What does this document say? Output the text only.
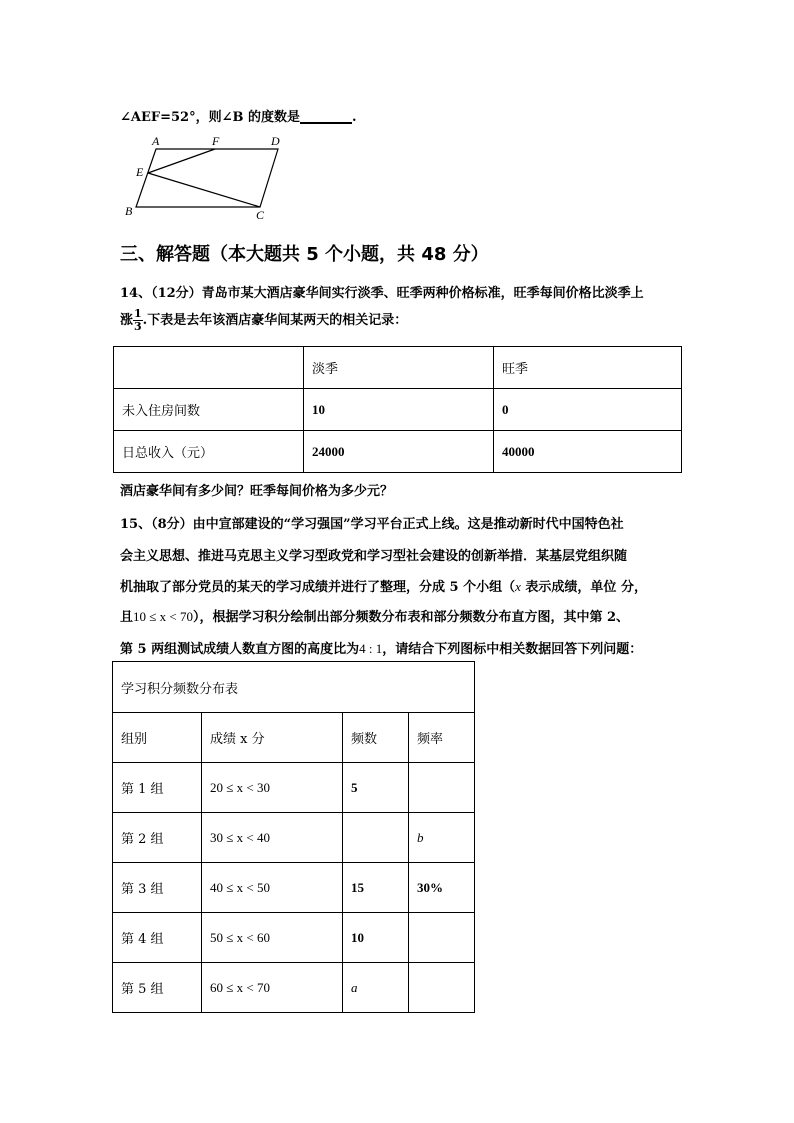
∠AEF=52°，则∠B 的度数是________.
A	F	D
E
B	C
三、解答题（本大题共 5 个小题，共 48 分）
14、（12分）青岛市某大酒店豪华间实行淡季、旺季两种价格标准，旺季每间价格比淡季上
涨 $\frac{1}{3}$ .下表是去年该酒店豪华间某两天的相关记录：
	淡季	旺季
未入住房间数	10	0
日总收入（元）	24000	40000
酒店豪华间有多少间？旺季每间价格为多少元？
15、（8分）由中宣部建设的“学习强国”学习平台正式上线。这是推动新时代中国特色社
会主义思想、推进马克思主义学习型政党和学习型社会建设的创新举措．某基层党组织随
机抽取了部分党员的某天的学习成绩并进行了整理，分成 5 个小组（x 表示成绩，单位 分，
且10 ≤ x < 70），根据学习积分绘制出部分频数分布表和部分频数分布直方图，其中第 2、
第 5 两组测试成绩人数直方图的高度比为4 : 1，请结合下列图标中相关数据回答下列问题：
学习积分频数分布表			
组别	成绩 x 分	频数	频率
第 1 组	20 ≤ x < 30	5	
第 2 组	30 ≤ x < 40		b
第 3 组	40 ≤ x < 50	15	30%
第 4 组	50 ≤ x < 60	10	
第 5 组	60 ≤ x < 70	a	
